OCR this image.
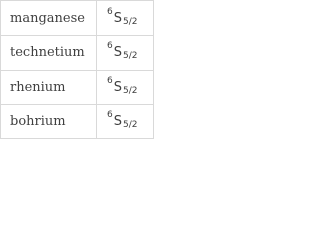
manganese 6 S 5/2
technetium 6 S 5/2
rhenium	6 S 5/2
bohrium	6 S 5/2
